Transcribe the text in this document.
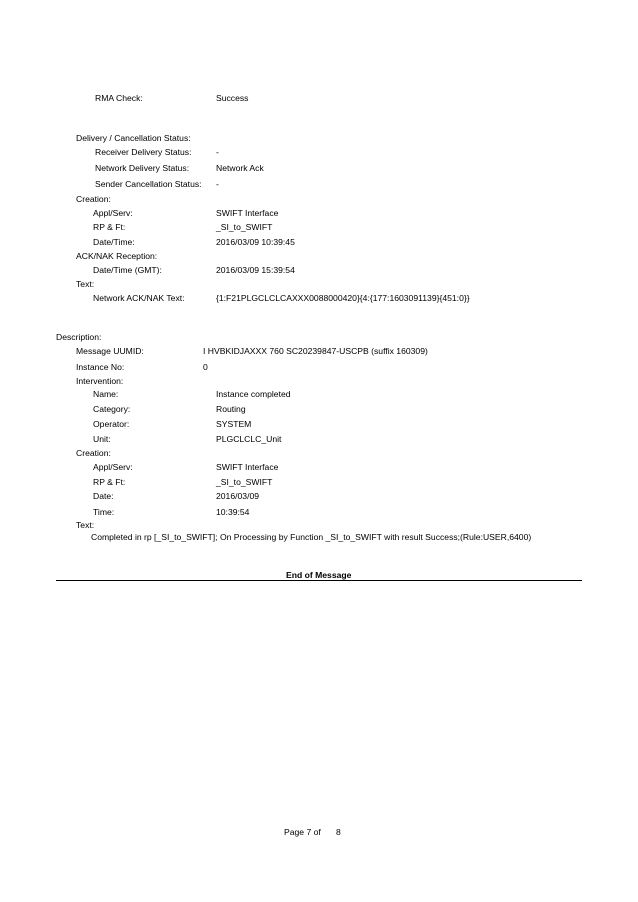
RMA Check:	Success
Delivery / Cancellation Status:
Receiver Delivery Status:	-
Network Delivery Status:	Network Ack
Sender Cancellation Status: -
Creation:
Appl/Serv:	SWIFT Interface
RP & Ft:	_SI_to_SWIFT
Date/Time:	2016/03/09 10:39:45
ACK/NAK Reception:
Date/Time (GMT):	2016/03/09 15:39:54
Text:
Network ACK/NAK Text:	{1:F21PLGCLCLCAXXX0088000420}{4:{177:1603091139}{451:0}}
Description:
Message UUMID:	I HVBKIDJAXXX 760 SC20239847-USCPB (suffix 160309)
Instance No:	0
Intervention:
Name:	Instance completed
Category:	Routing
Operator:	SYSTEM
Unit:	PLGCLCLC_Unit
Creation:
Appl/Serv:	SWIFT Interface
RP & Ft:	_SI_to_SWIFT
Date:	2016/03/09
Time:	10:39:54
Text:
Completed in rp [_SI_to_SWIFT]; On Processing by Function _SI_to_SWIFT with result Success;(Rule:USER,6400)
End of Message
Page 7 of 8
